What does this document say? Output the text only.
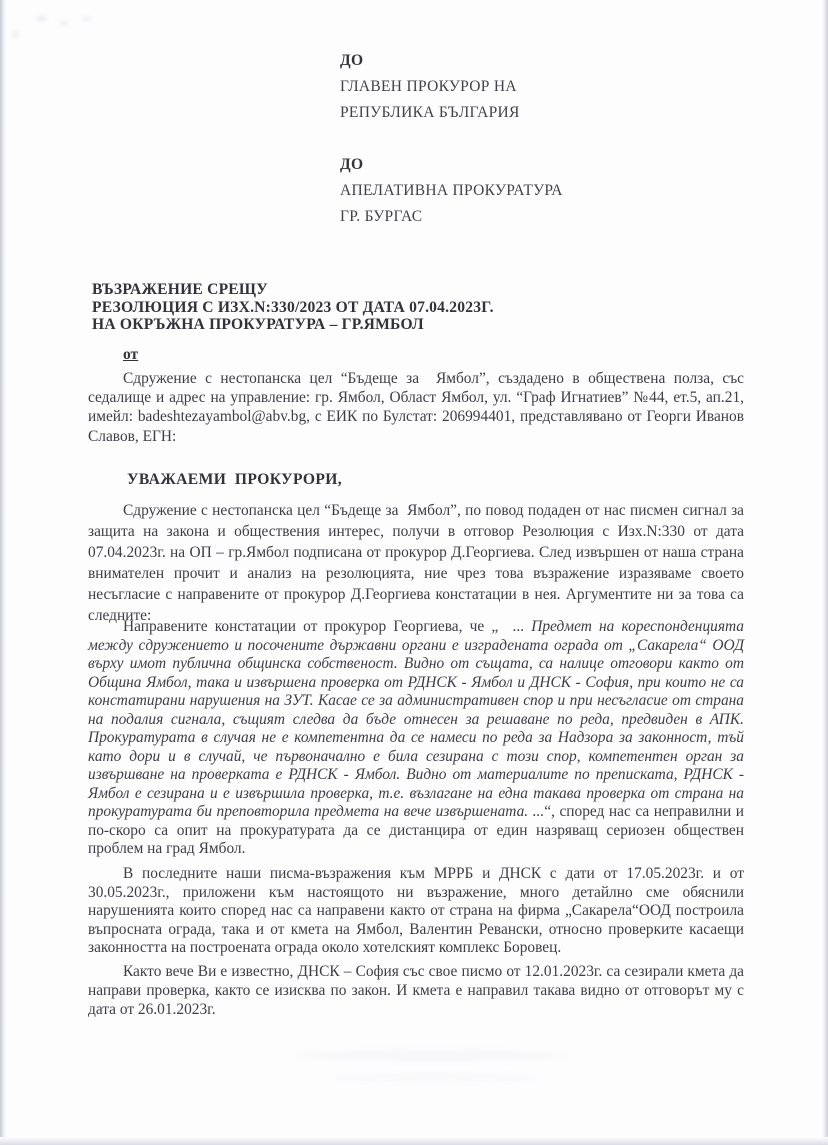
ДО

ГЛАВЕН ПРОКУРОР НА

РЕПУБЛИКА БЪЛГАРИЯ

ДО

АПЕЛАТИВНА ПРОКУРАТУРА

ГР. БУРГАС

ВЪЗРАЖЕНИЕ СРЕЩУ

РЕЗОЛЮЦИЯ С ИЗХ.N:330/2023 ОТ ДАТА 07.04.2023Г.

НА ОКРЪЖНА ПРОКУРАТУРА – ГР.ЯМБОЛ

от

Сдружение с нестопанска цел “Бъдеще за  Ямбол”, създадено в обществена полза, със седалище и адрес на управление: гр. Ямбол, Област Ямбол, ул. “Граф Игнатиев” №44, ет.5, ап.21, имейл: badeshtezayambol@abv.bg, с ЕИК по Булстат: 206994401, представлявано от Георги Иванов Славов, ЕГН:

УВАЖАЕМИ  ПРОКУРОРИ,

Сдружение с нестопанска цел “Бъдеще за  Ямбол”, по повод подаден от нас писмен сигнал за защита на закона и обществения интерес, получи в отговор Резолюция с Изх.N:330 от дата 07.04.2023г. на ОП – гр.Ямбол подписана от прокурор Д.Георгиева. След извършен от наша страна внимателен прочит и анализ на резолюцията, ние чрез това възражение изразяваме своето несъгласие с направените от прокурор Д.Георгиева констатации в нея. Аргументите ни за това са следните:

Направените констатации от прокурор Георгиева, че „  ... Предмет на кореспонденцията между сдружението и посочените държавни органи е изградената ограда от „Сакарела“ ООД върху имот публична общинска собственост. Видно от същата, са налице отговори както от Община Ямбол, така и извършена проверка от РДНСК - Ямбол и ДНСК - София, при които не са констатирани нарушения на ЗУТ. Касае се за административен спор и при несъгласие от страна на подалия сигнала, същият следва да бъде отнесен за решаване по реда, предвиден в АПК. Прокуратурата в случая не е компетентна да се намеси по реда за Надзора за законност, тъй като дори и в случай, че първоначално е била сезирана с този спор, компетентен орган за извършване на проверката е РДНСК - Ямбол. Видно от материалите по преписката, РДНСК - Ямбол е сезирана и е извършила проверка, т.е. възлагане на една такава проверка от страна на прокуратурата би преповторила предмета на вече извършената. ...“, според нас са неправилни и по-скоро са опит на прокуратурата да се дистанцира от един назряващ сериозен обществен проблем на град Ямбол.

В последните наши писма-възражения към МРРБ и ДНСК с дати от 17.05.2023г. и от 30.05.2023г., приложени към настоящото ни възражение, много детайлно сме обяснили нарушенията които според нас са направени както от страна на фирма „Сакарела“ООД построила въпросната ограда, така и от кмета на Ямбол, Валентин Ревански, относно проверките касаещи законността на построената ограда около хотелският комплекс Боровец.

Както вече Ви е известно, ДНСК – София със свое писмо от 12.01.2023г. са сезирали кмета да направи проверка, както се изисква по закон. И кмета е направил такава видно от отговорът му с дата от 26.01.2023г.
